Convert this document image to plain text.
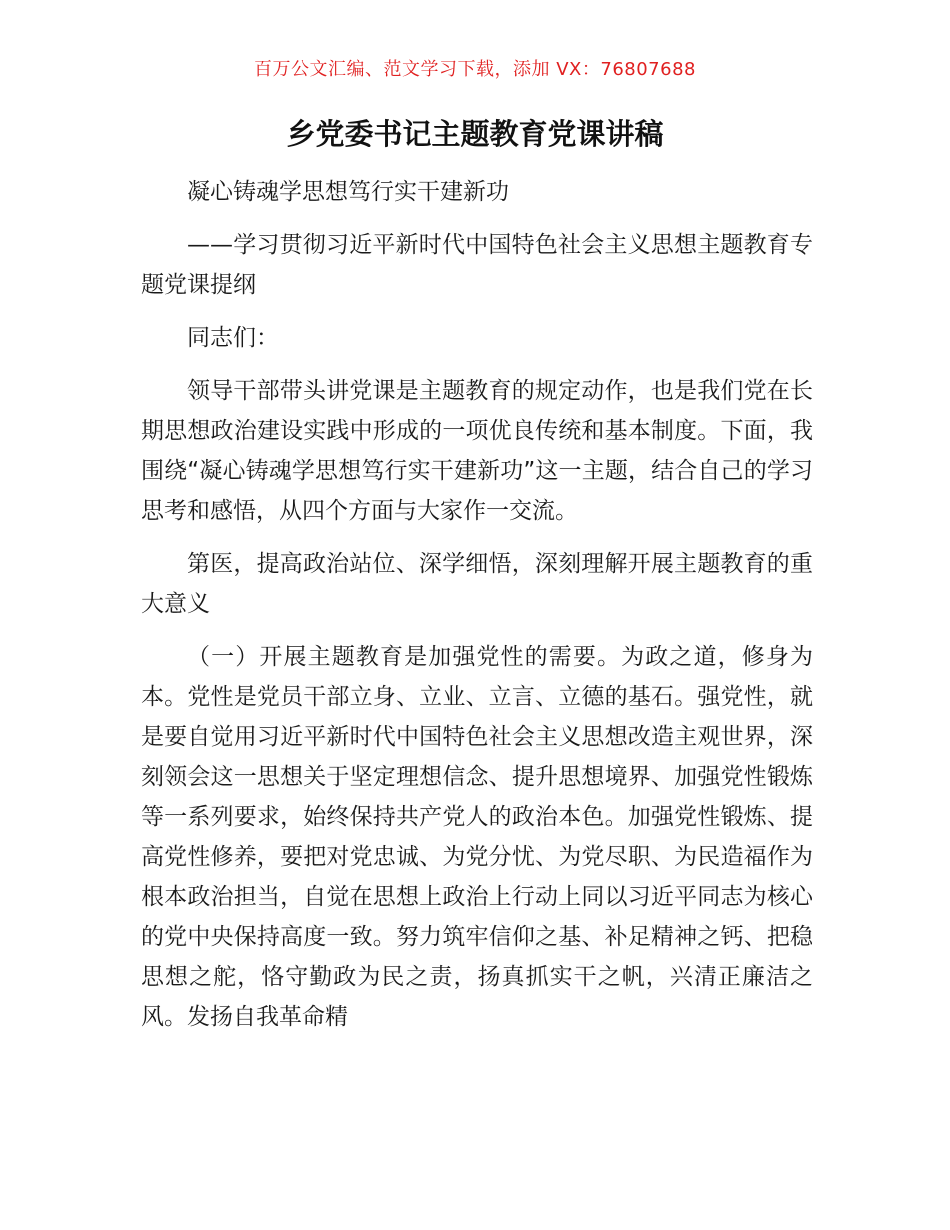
百万公文汇编、范文学习下载，添加 VX：76807688
乡党委书记主题教育党课讲稿

凝心铸魂学思想笃行实干建新功

——学习贯彻习近平新时代中国特色社会主义思想主题教育专题党课提纲

同志们：

领导干部带头讲党课是主题教育的规定动作，也是我们党在长期思想政治建设实践中形成的一项优良传统和基本制度。下面，我围绕“凝心铸魂学思想笃行实干建新功”这一主题，结合自己的学习思考和感悟，从四个方面与大家作一交流。

第医，提高政治站位、深学细悟，深刻理解开展主题教育的重大意义

（一）开展主题教育是加强党性的需要。为政之道，修身为本。党性是党员干部立身、立业、立言、立德的基石。强党性，就是要自觉用习近平新时代中国特色社会主义思想改造主观世界，深刻领会这一思想关于坚定理想信念、提升思想境界、加强党性锻炼等一系列要求，始终保持共产党人的政治本色。加强党性锻炼、提高党性修养，要把对党忠诚、为党分忧、为党尽职、为民造福作为根本政治担当，自觉在思想上政治上行动上同以习近平同志为核心的党中央保持高度一致。努力筑牢信仰之基、补足精神之钙、把稳思想之舵，恪守勤政为民之责，扬真抓实干之帆，兴清正廉洁之风。发扬自我革命精
